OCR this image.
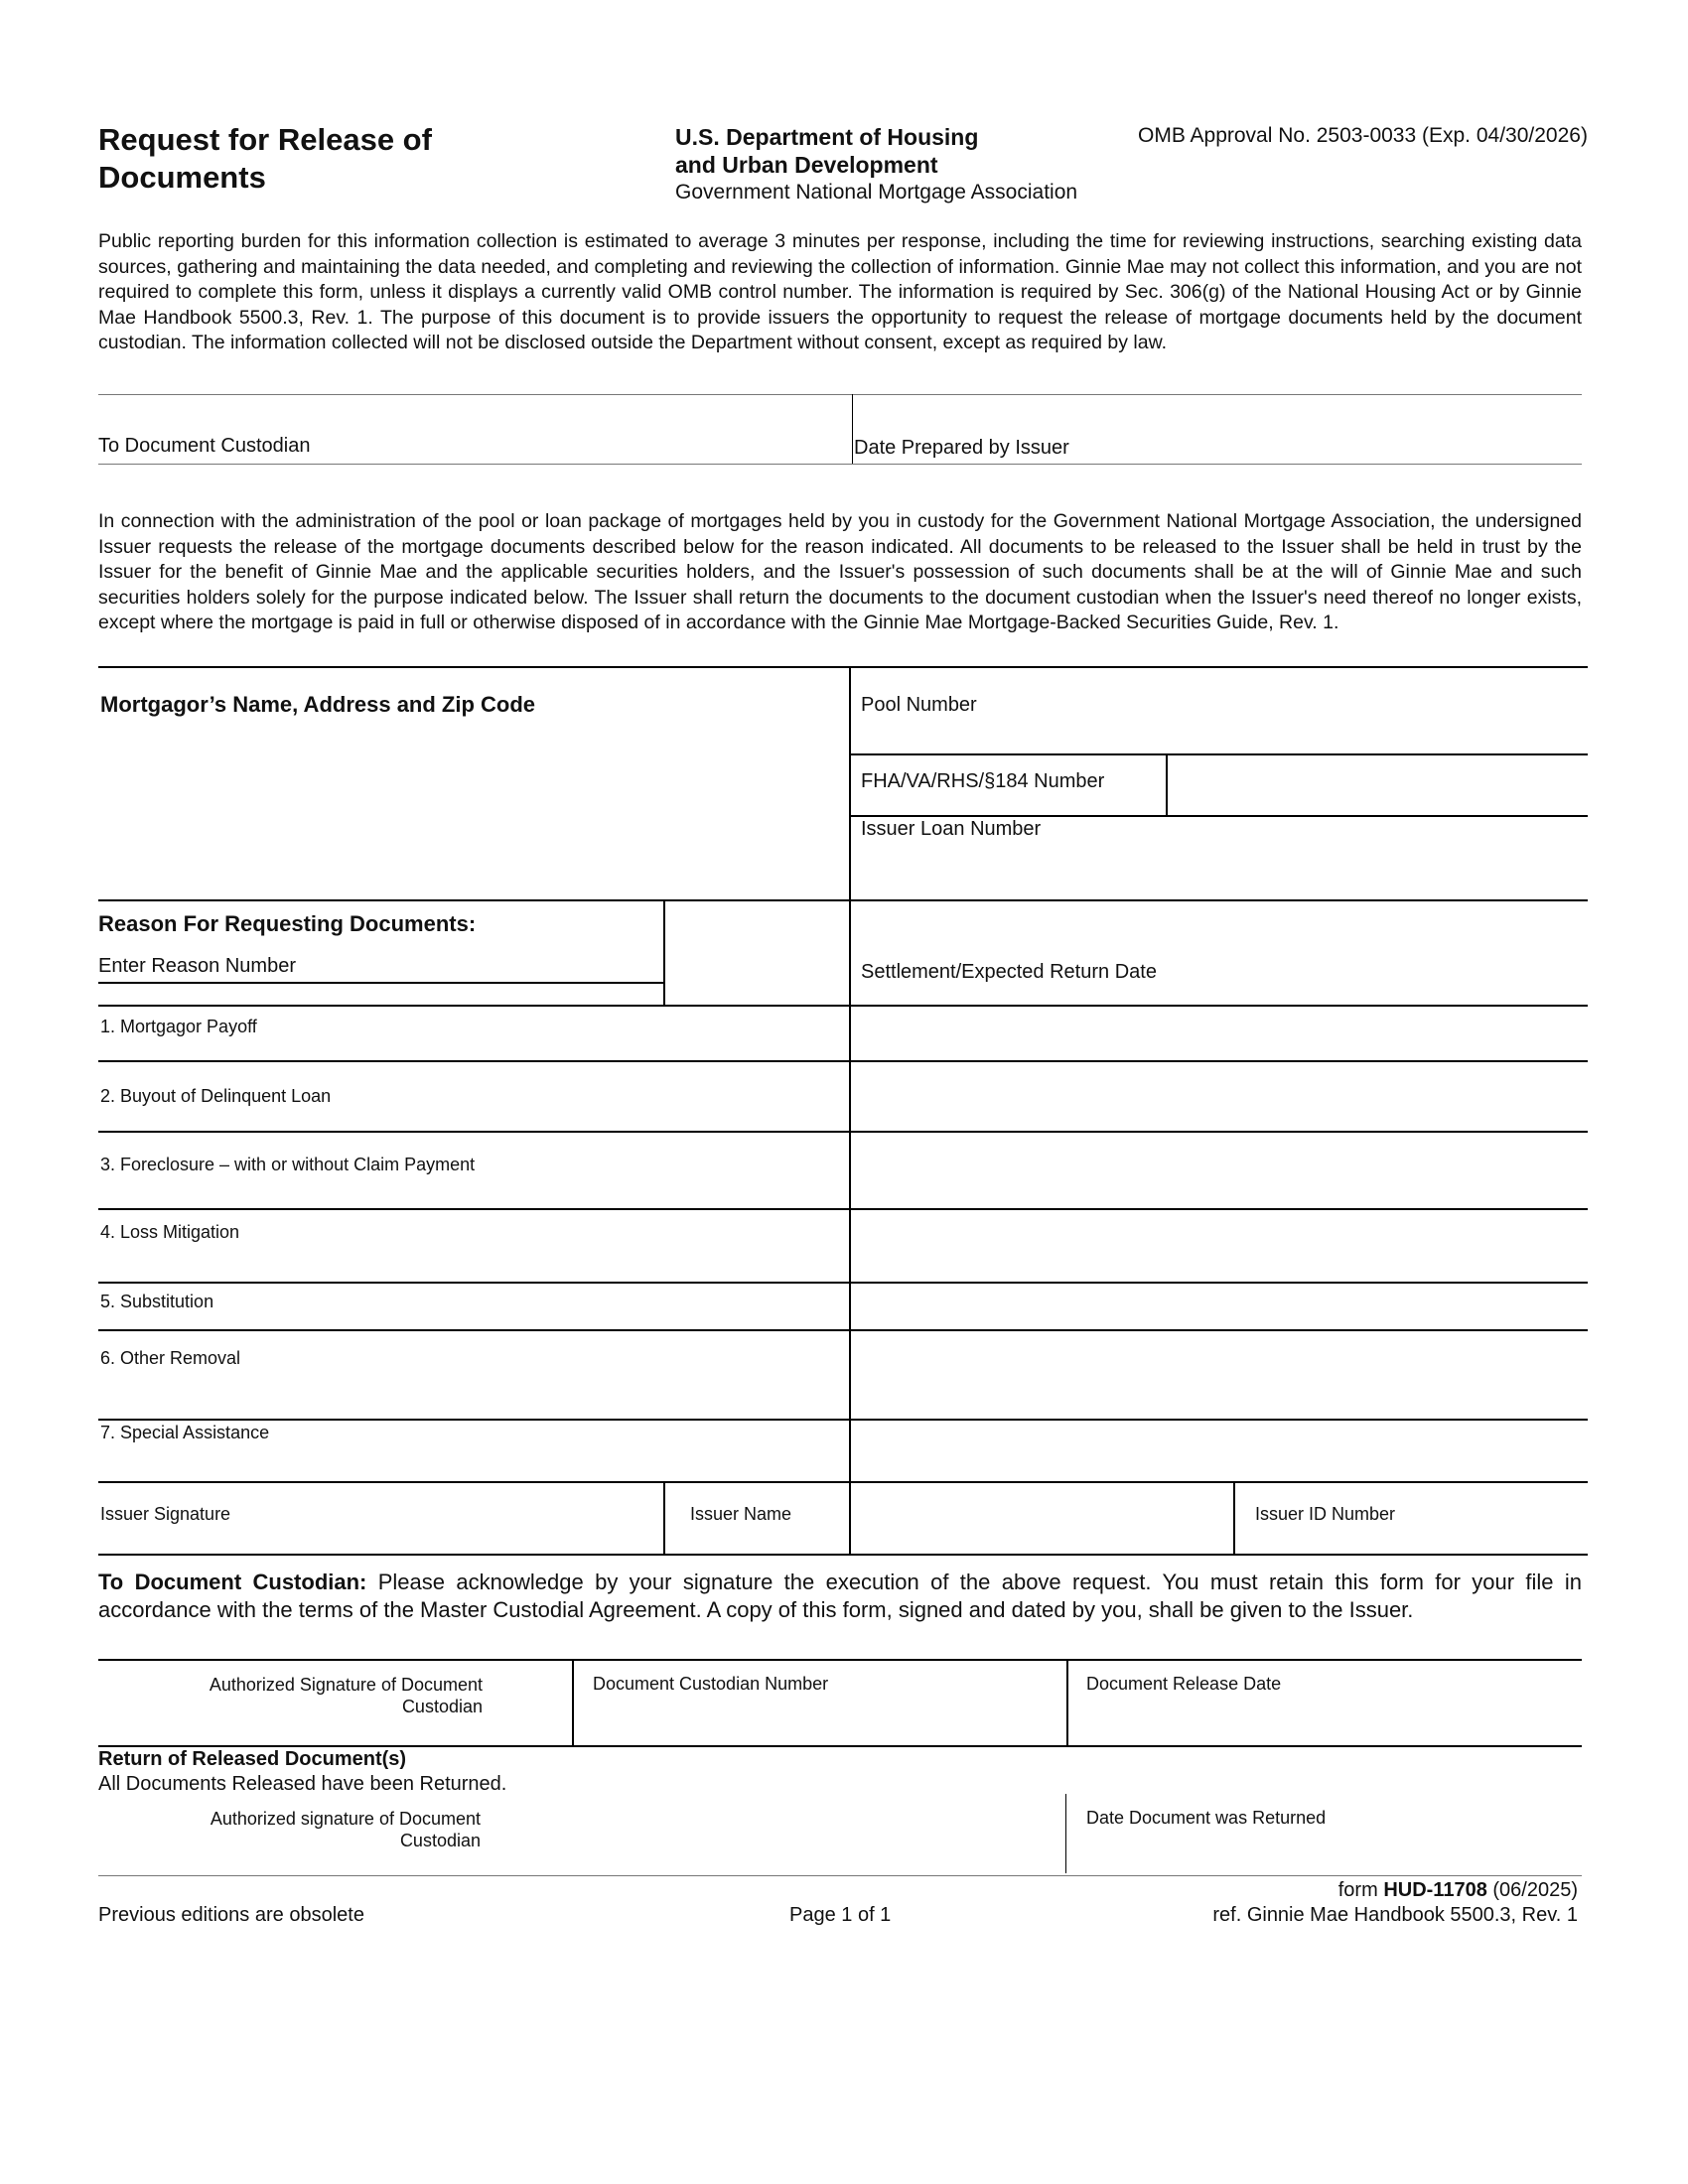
Request for Release of Documents
U.S. Department of Housing
and Urban Development
Government National Mortgage Association
OMB Approval No. 2503-0033 (Exp. 04/30/2026)
Public reporting burden for this information collection is estimated to average 3 minutes per response, including the time for reviewing instructions, searching existing data sources, gathering and maintaining the data needed, and completing and reviewing the collection of information. Ginnie Mae may not collect this information, and you are not required to complete this form, unless it displays a currently valid OMB control number. The information is required by Sec. 306(g) of the National Housing Act or by Ginnie Mae Handbook 5500.3, Rev. 1. The purpose of this document is to provide issuers the opportunity to request the release of mortgage documents held by the document custodian. The information collected will not be disclosed outside the Department without consent, except as required by law.
To Document Custodian	Date Prepared by Issuer
In connection with the administration of the pool or loan package of mortgages held by you in custody for the Government National Mortgage Association, the undersigned Issuer requests the release of the mortgage documents described below for the reason indicated. All documents to be released to the Issuer shall be held in trust by the Issuer for the benefit of Ginnie Mae and the applicable securities holders, and the Issuer's possession of such documents shall be at the will of Ginnie Mae and such securities holders solely for the purpose indicated below. The Issuer shall return the documents to the document custodian when the Issuer's need thereof no longer exists, except where the mortgage is paid in full or otherwise disposed of in accordance with the Ginnie Mae Mortgage-Backed Securities Guide, Rev. 1.
Mortgagor’s Name, Address and Zip Code	Pool Number
FHA/VA/RHS/§184 Number
Issuer Loan Number
Reason For Requesting Documents:
Enter Reason Number	Settlement/Expected Return Date
1. Mortgagor Payoff
2. Buyout of Delinquent Loan
3. Foreclosure – with or without Claim Payment
4. Loss Mitigation
5. Substitution
6. Other Removal
7. Special Assistance
Issuer Signature	Issuer Name	Issuer ID Number
To Document Custodian: Please acknowledge by your signature the execution of the above request. You must retain this form for your file in accordance with the terms of the Master Custodial Agreement. A copy of this form, signed and dated by you, shall be given to the Issuer.
Authorized Signature of Document
Custodian
Document Custodian Number	Document Release Date
Return of Released Document(s)
All Documents Released have been Returned.
Authorized signature of Document
Custodian
Date Document was Returned
Previous editions are obsolete	Page 1 of 1
form HUD-11708 (06/2025)
ref. Ginnie Mae Handbook 5500.3, Rev. 1
